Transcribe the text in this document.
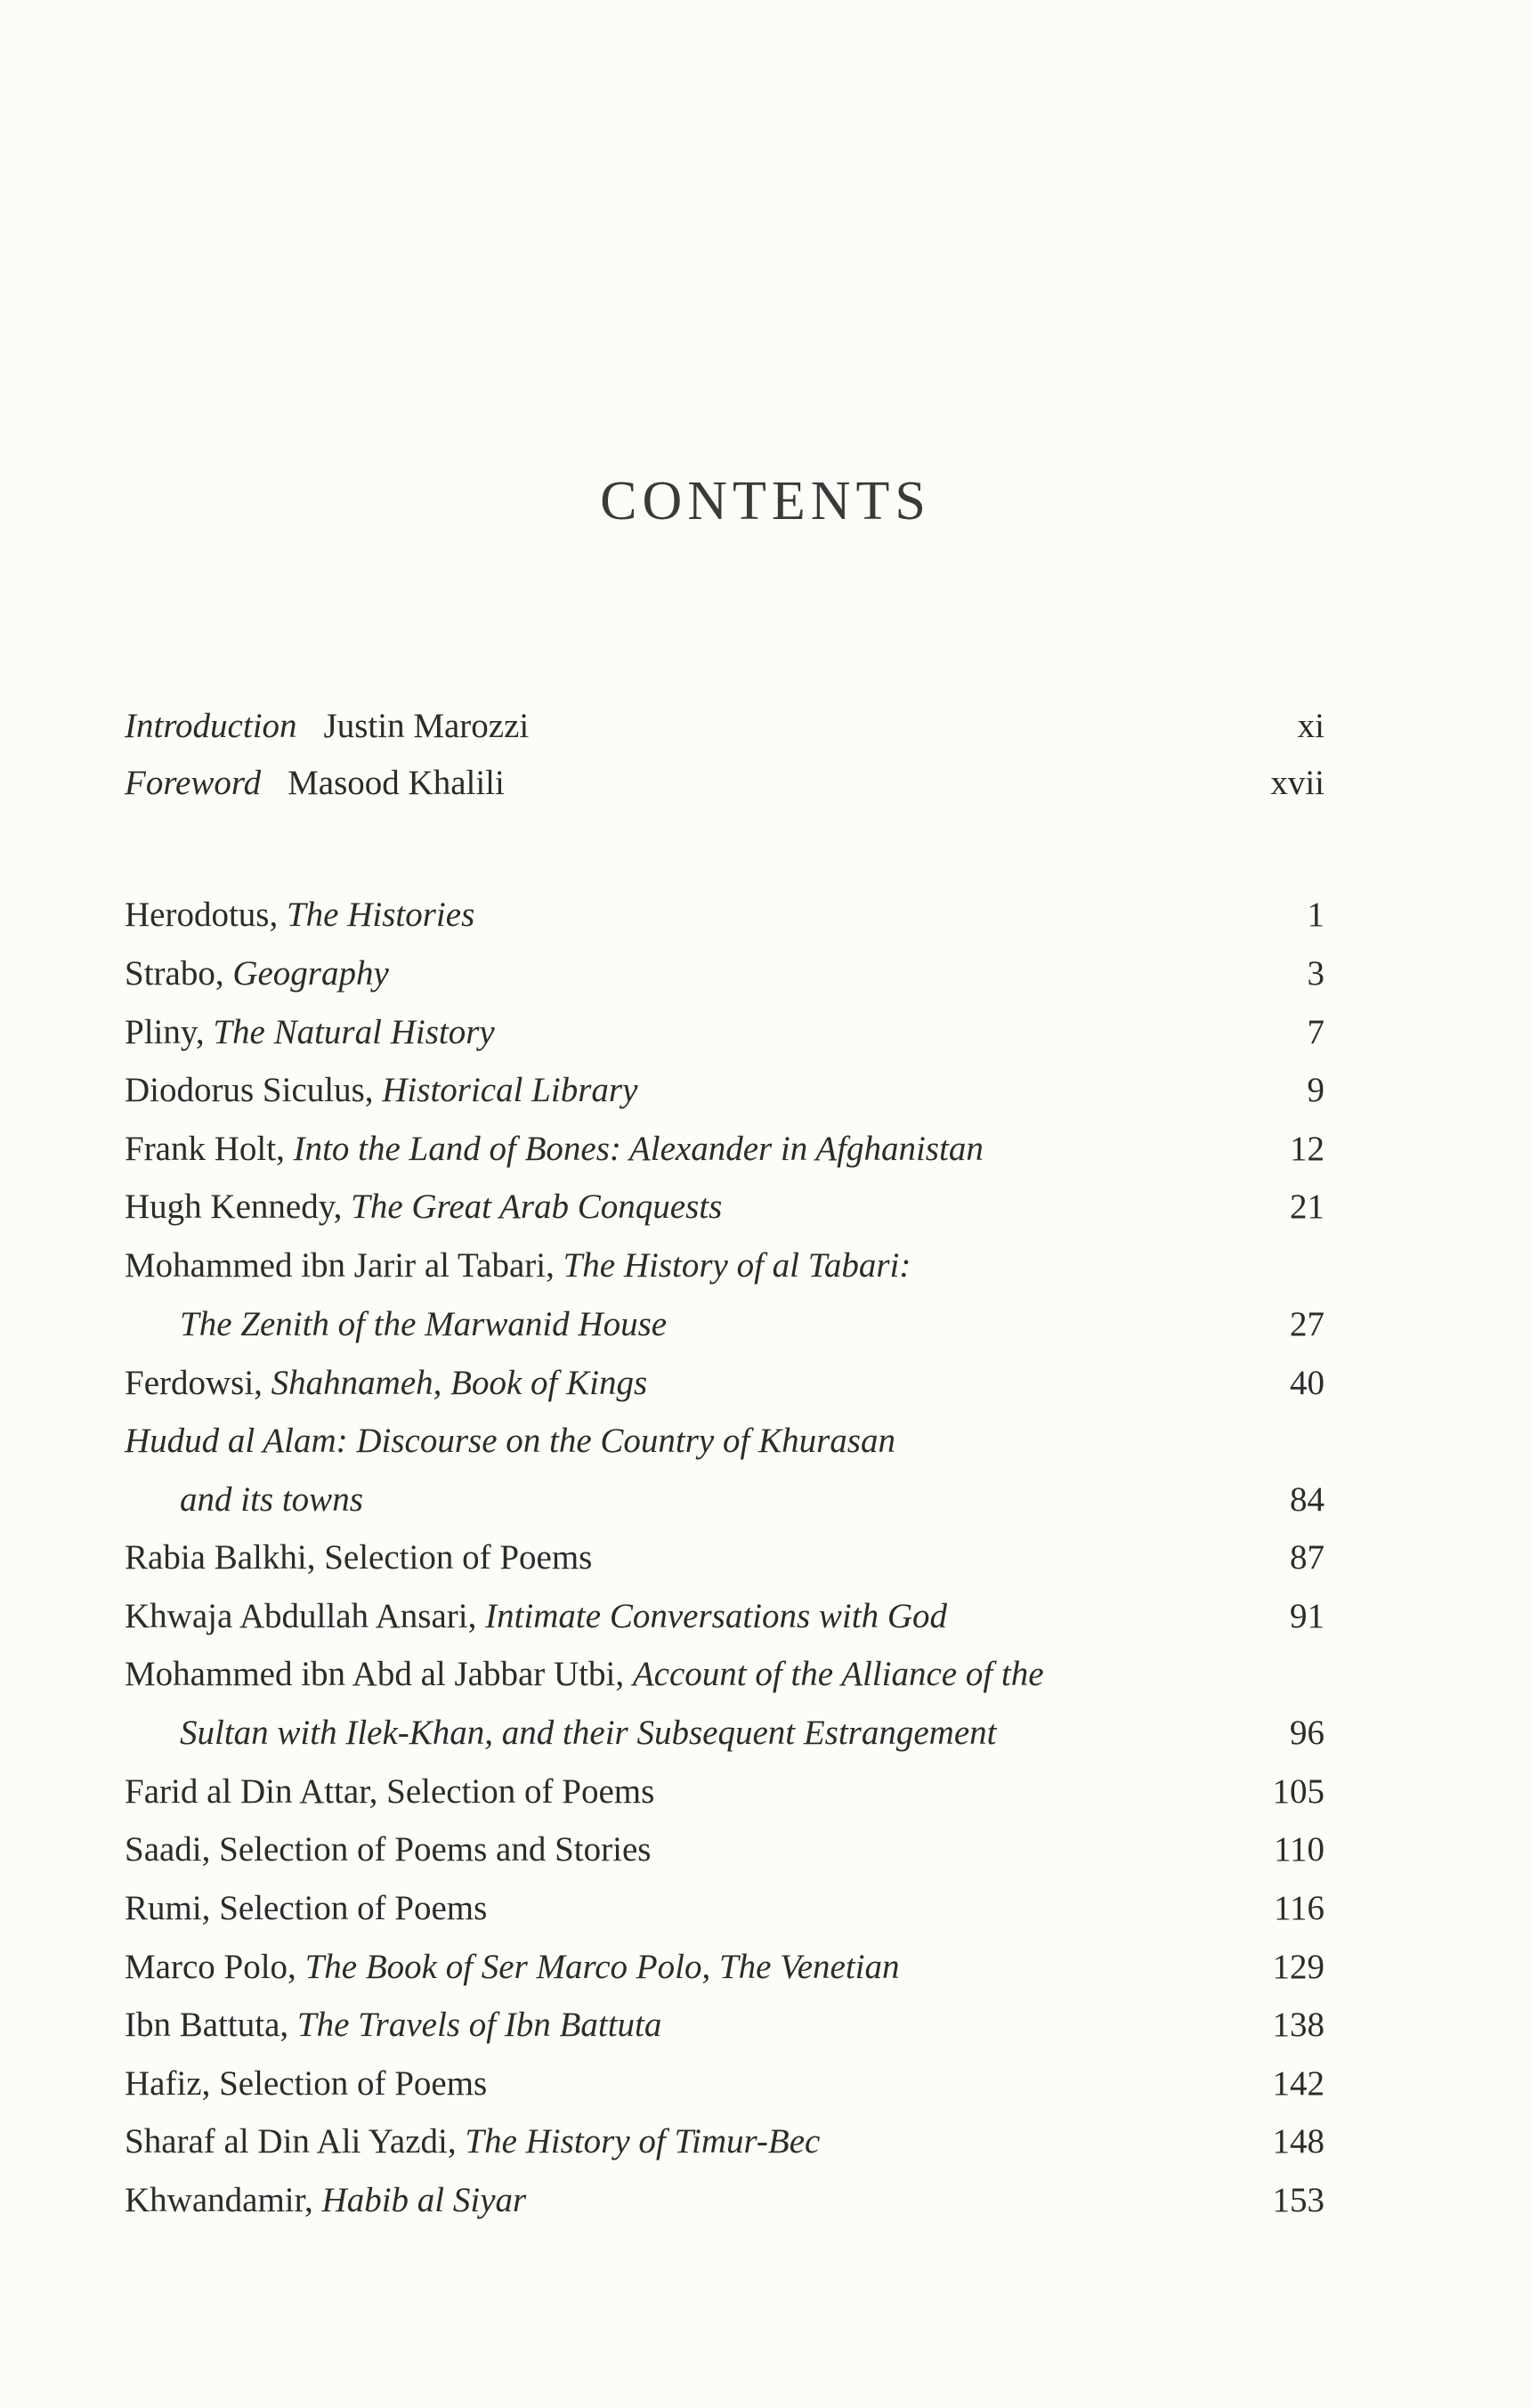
CONTENTS
Introduction Justin Marozzi	xi
Foreword Masood Khalili	xvii
Herodotus, The Histories	1
Strabo, Geography	3
Pliny, The Natural History	7
Diodorus Siculus, Historical Library	9
Frank Holt, Into the Land of Bones: Alexander in Afghanistan	12
Hugh Kennedy, The Great Arab Conquests	21
Mohammed ibn Jarir al Tabari, The History of al Tabari:
The Zenith of the Marwanid House	27
Ferdowsi, Shahnameh, Book of Kings	40
Hudud al Alam: Discourse on the Country of Khurasan
and its towns	84
Rabia Balkhi, Selection of Poems	87
Khwaja Abdullah Ansari, Intimate Conversations with God	91
Mohammed ibn Abd al Jabbar Utbi, Account of the Alliance of the
Sultan with Ilek-Khan, and their Subsequent Estrangement	96
Farid al Din Attar, Selection of Poems	105
Saadi, Selection of Poems and Stories	110
Rumi, Selection of Poems	116
Marco Polo, The Book of Ser Marco Polo, The Venetian	129
Ibn Battuta, The Travels of Ibn Battuta	138
Hafiz, Selection of Poems	142
Sharaf al Din Ali Yazdi, The History of Timur-Bec	148
Khwandamir, Habib al Siyar	153
